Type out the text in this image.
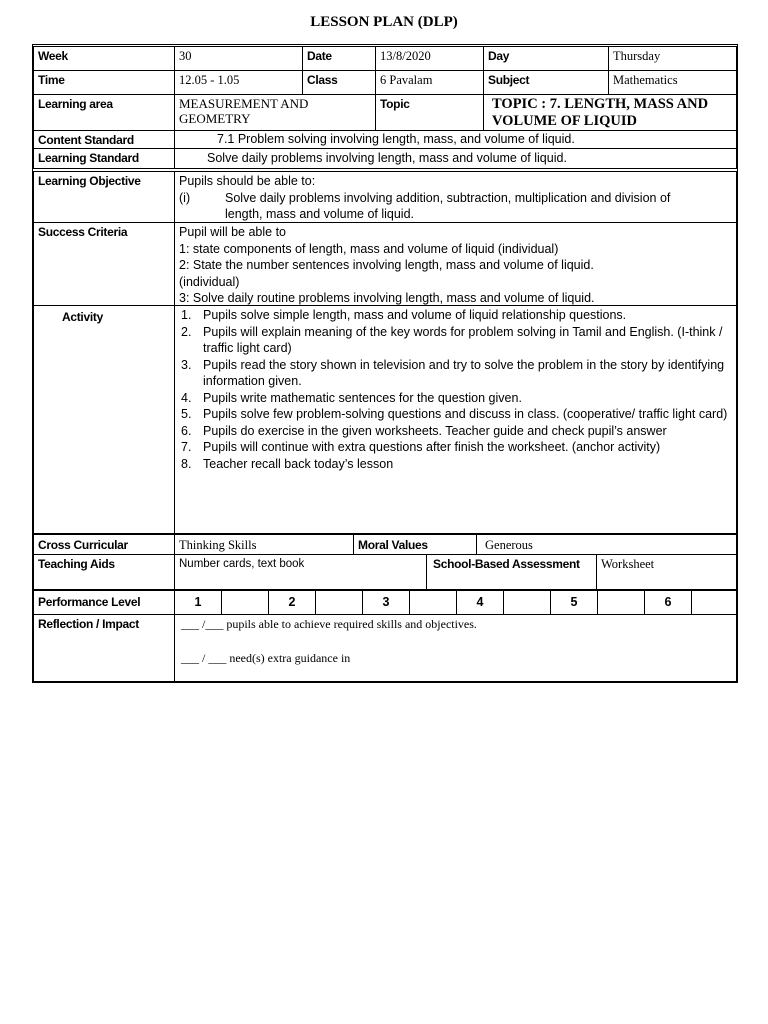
LESSON PLAN (DLP)
Week	30	Date	13/8/2020	Day	Thursday
Time	12.05 - 1.05	Class	6 Pavalam	Subject	Mathematics
Learning area	MEASUREMENT AND
GEOMETRY
Topic	TOPIC : 7. LENGTH, MASS AND
VOLUME OF LIQUID
Content Standard	7.1 Problem solving involving length, mass, and volume of liquid.
Learning Standard	Solve daily problems involving length, mass and volume of liquid.
Learning Objective	Pupils should be able to:
(i)	Solve daily problems involving addition, subtraction, multiplication and division of
length, mass and volume of liquid.
Success Criteria	Pupil will be able to
1: state components of length, mass and volume of liquid (individual)
2: State the number sentences involving length, mass and volume of liquid.
(individual)
3: Solve daily routine problems involving length, mass and volume of liquid.
Activity	1. Pupils solve simple length, mass and volume of liquid relationship questions.
2. Pupils will explain meaning of the key words for problem solving in Tamil and English. (I-think / traffic light card)
3. Pupils read the story shown in television and try to solve the problem in the story by identifying information given.
4. Pupils write mathematic sentences for the question given.
5. Pupils solve few problem-solving questions and discuss in class. (cooperative/ traffic light card)
6. Pupils do exercise in the given worksheets. Teacher guide and check pupil’s answer
7. Pupils will continue with extra questions after finish the worksheet. (anchor activity)
8. Teacher recall back today’s lesson
Cross Curricular	Thinking Skills	Moral Values	Generous
Teaching Aids	Number cards, text book	School-Based Assessment	Worksheet
Performance Level	1	2	3	4	5	6
Reflection / Impact	___ /___ pupils able to achieve required skills and objectives.
___ / ___ need(s) extra guidance in
